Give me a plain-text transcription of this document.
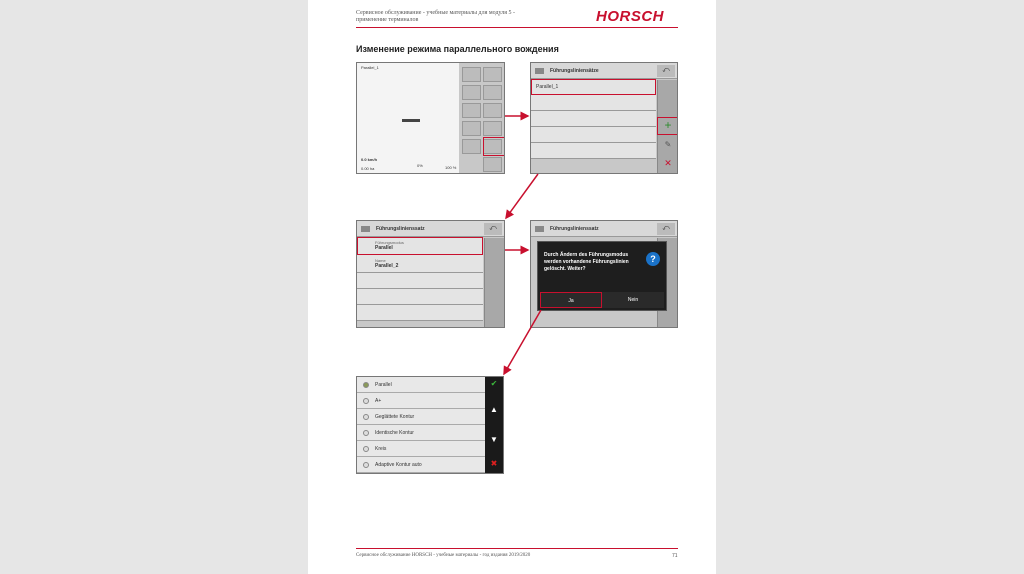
Сервисное обслуживание - учебные материалы для модуля 5 -
применение терминалов	HORSCH
Изменение режима параллельного вождения
Parallel_1
0.0 km/h
0.00 ha
0%	100 %
Führungsliniensätze	⤺
Parallel_1
+
✎
✕
Führungslinienssatz	⤺
Führungsmodus
Parallel
Name
Parallel_2
Führungslinienssatz	⤺
Durch Ändern des Führungsmodus werden vorhandene Führungslinien gelöscht. Weiter?
?
Ja	Nein
Parallel
A+
Geglättete Kontur
Identische Kontur
Kreis
Adaptive Kontur auto
✔
▲
▼
✖
Сервисное обслуживание HORSCH - учебные материалы - год издания 2019/2020	71
